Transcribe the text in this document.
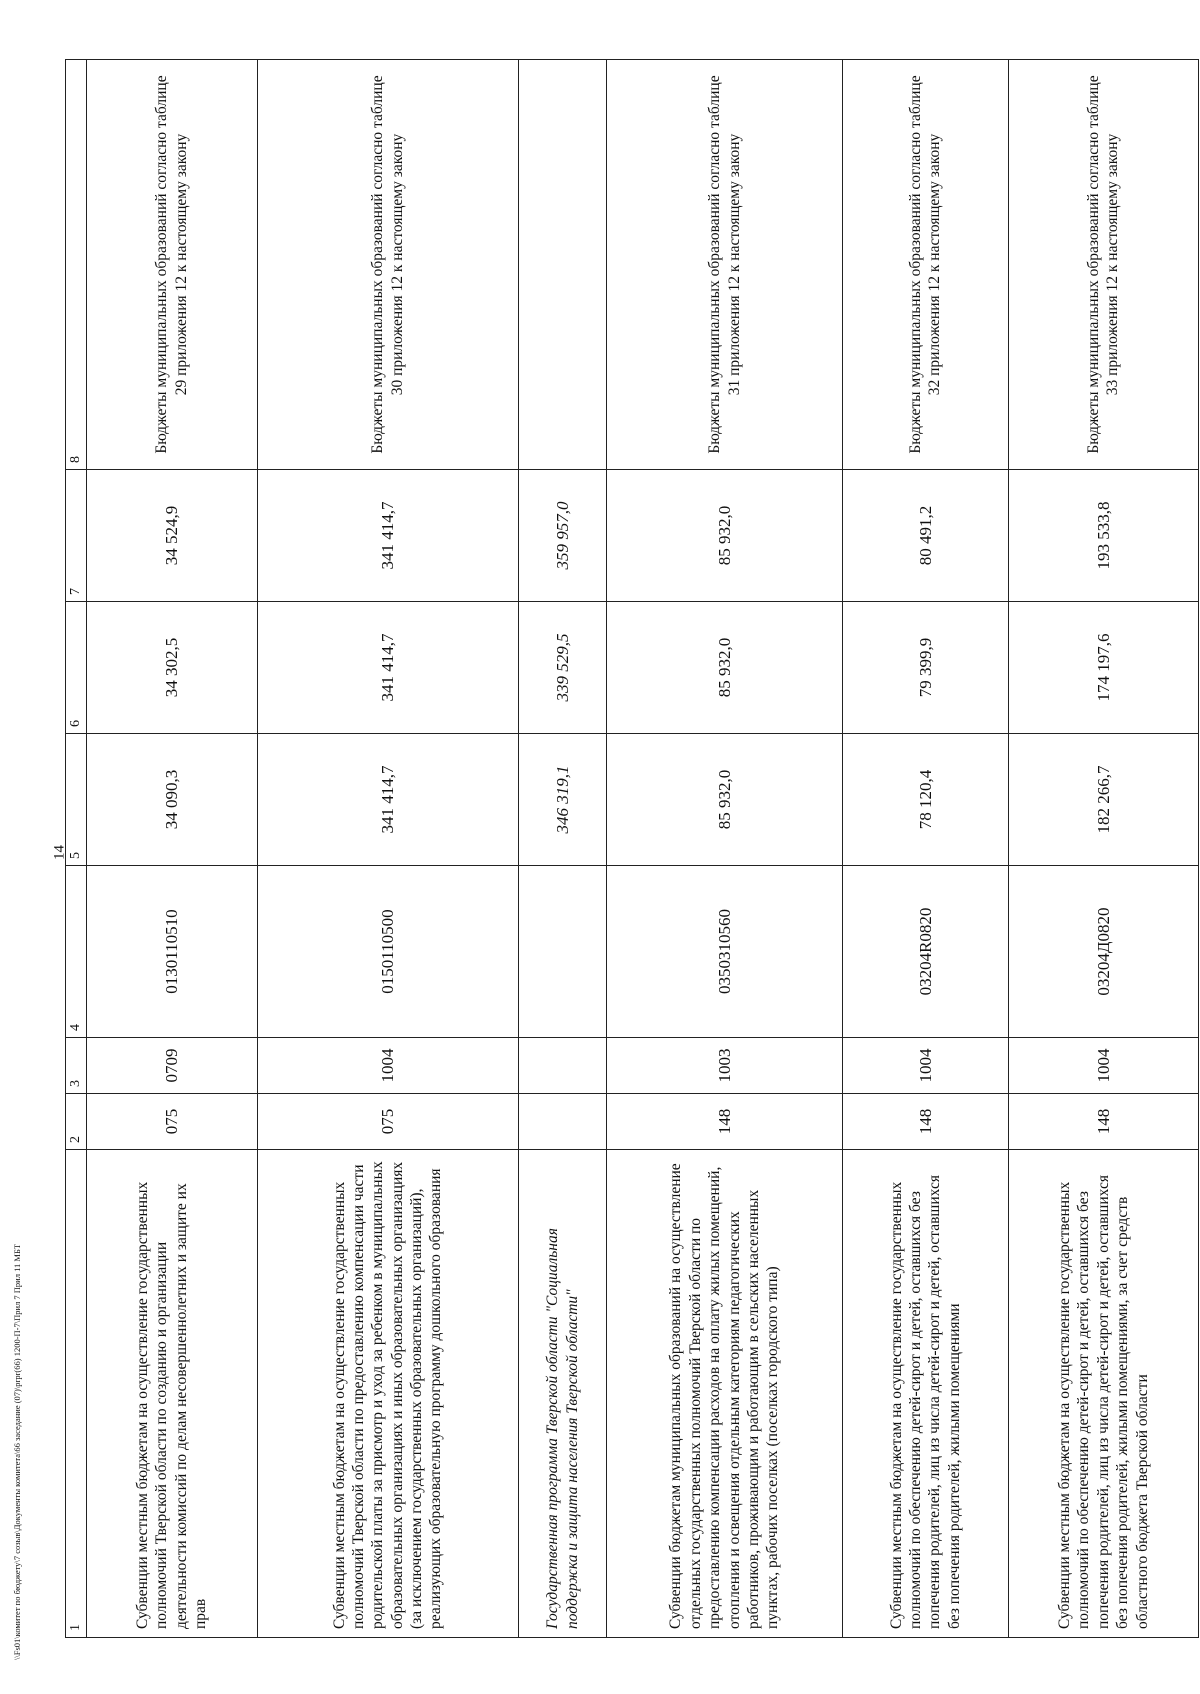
14
1	2	3	4	5	6	7	8
Субвенции местным бюджетам на осуществление государственных полномочий Тверской области по созданию и организации деятельности комиссий по делам несовершеннолетних и защите их прав	075	0709	0130110510	34 090,3	34 302,5	34 524,9	Бюджеты муниципальных образований согласно таблице 29 приложения 12 к настоящему закону
Субвенции местным бюджетам на осуществление государственных полномочий Тверской области по предоставлению компенсации части родительской платы за присмотр и уход за ребенком в муниципальных образовательных организациях и иных образовательных организациях (за исключением государственных образовательных организаций), реализующих образовательную программу дошкольного образования	075	1004	0150110500	341 414,7	341 414,7	341 414,7	Бюджеты муниципальных образований согласно таблице 30 приложения 12 к настоящему закону
Государственная программа Тверской области "Социальная поддержка и защита населения Тверской области"				346 319,1	339 529,5	359 957,0	
Субвенции бюджетам муниципальных образований на осуществление отдельных государственных полномочий Тверской области по предоставлению компенсации расходов на оплату жилых помещений, отопления и освещения отдельным категориям педагогических работников, проживающим и работающим в сельских населенных пунктах, рабочих поселках (поселках городского типа)	148	1003	0350310560	85 932,0	85 932,0	85 932,0	Бюджеты муниципальных образований согласно таблице 31 приложения 12 к настоящему закону
Субвенции местным бюджетам на осуществление государственных полномочий по обеспечению детей-сирот и детей, оставшихся без попечения родителей, лиц из числа детей-сирот и детей, оставшихся без попечения родителей, жилыми помещениями	148	1004	03204R0820	78 120,4	79 399,9	80 491,2	Бюджеты муниципальных образований согласно таблице 32 приложения 12 к настоящему закону
Субвенции местным бюджетам на осуществление государственных полномочий по обеспечению детей-сирот и детей, оставшихся без попечения родителей, лиц из числа детей-сирот и детей, оставшихся без попечения родителей, жилыми помещениями, за счет средств областного бюджета Тверской области	148	1004	03204Д0820	182 266,7	174 197,6	193 533,8	Бюджеты муниципальных образований согласно таблице 33 приложения 12 к настоящему закону
\\Fs01\комитет по бюджету\7 созыв\Документы комитета\66 заседание (07)\prpr(66) 1200-П-7\Прил 7 Прил 11 МБТ
